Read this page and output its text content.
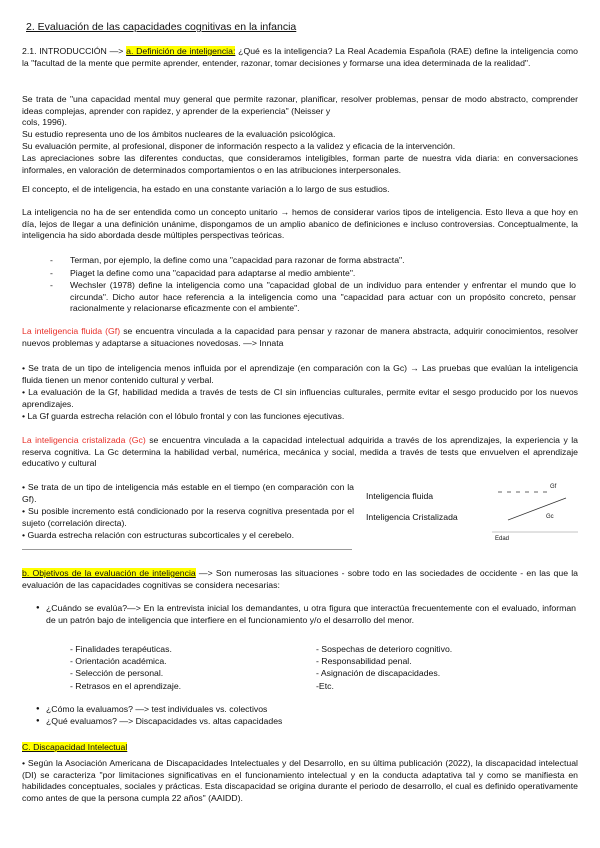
2. Evaluación de las capacidades cognitivas en la infancia

2.1. INTRODUCCIÓN —> a. Definición de inteligencia: ¿Qué es la inteligencia? La Real Academia Española (RAE) define la inteligencia como la "facultad de la mente que permite aprender, entender, razonar, tomar decisiones y formarse una idea determinada de la realidad".

Se trata de "una capacidad mental muy general que permite razonar, planificar, resolver problemas, pensar de modo abstracto, comprender ideas complejas, aprender con rapidez, y aprender de la experiencia" (Neisser y

cols, 1996).

Su estudio representa uno de los ámbitos nucleares de la evaluación psicológica.

Su evaluación permite, al profesional, disponer de información respecto a la validez y eficacia de la intervención.

Las apreciaciones sobre las diferentes conductas, que consideramos inteligibles, forman parte de nuestra vida diaria: en conversaciones informales, en valoración de determinados comportamientos o en las atribuciones interpersonales.

El concepto, el de inteligencia, ha estado en una constante variación a lo largo de sus estudios.

La inteligencia no ha de ser entendida como un concepto unitario → hemos de considerar varios tipos de inteligencia. Esto lleva a que hoy en día, lejos de llegar a una definición unánime, dispongamos de un amplio abanico de definiciones e incluso controversias. Conceptualmente, la inteligencia ha sido abordada desde múltiples perspectivas teóricas.

- Terman, por ejemplo, la define como una "capacidad para razonar de forma abstracta".
- Piaget la define como una "capacidad para adaptarse al medio ambiente".
- Wechsler (1978) define la inteligencia como una "capacidad global de un individuo para entender y enfrentar el mundo que lo circunda". Dicho autor hace referencia a la inteligencia como una "capacidad para actuar con un propósito concreto, pensar racionalmente y relacionarse eficazmente con el ambiente".

La inteligencia fluida (Gf) se encuentra vinculada a la capacidad para pensar y razonar de manera abstracta, adquirir conocimientos, resolver nuevos problemas y adaptarse a situaciones novedosas. —> Innata

• Se trata de un tipo de inteligencia menos influida por el aprendizaje (en comparación con la Gc) → Las pruebas que evalúan la inteligencia fluida tienen un menor contenido cultural y verbal.

• La evaluación de la Gf, habilidad medida a través de tests de CI sin influencias culturales, permite evitar el sesgo producido por los nuevos aprendizajes.

• La Gf guarda estrecha relación con el lóbulo frontal y con las funciones ejecutivas.

La inteligencia cristalizada (Gc) se encuentra vinculada a la capacidad intelectual adquirida a través de los aprendizajes, la experiencia y la reserva cognitiva. La Gc determina la habilidad verbal, numérica, mecánica y social, medida a través de tests que envuelven el aprendizaje educativo y cultural

• Se trata de un tipo de inteligencia más estable en el tiempo (en comparación con la Gf).

• Su posible incremento está condicionado por la reserva cognitiva presentada por el sujeto (correlación directa).

• Guarda estrecha relación con estructuras subcorticales y el cerebelo.

Inteligencia fluida
Inteligencia Cristalizada
Gf
Gc
Edad

b. Objetivos de la evaluación de inteligencia —> Son numerosas las situaciones - sobre todo en las sociedades de occidente - en las que la evaluación de las capacidades cognitivas se considera necesarias:

● ¿Cuándo se evalúa?—> En la entrevista inicial los demandantes, u otra figura que interactúa frecuentemente con el evaluado, informan de un patrón bajo de inteligencia que interfiere en el funcionamiento y/o el desarrollo del menor.
- Finalidades terapéuticas.
- Orientación académica.
- Selección de personal.
- Retrasos en el aprendizaje.
- Sospechas de deterioro cognitivo.
- Responsabilidad penal.
- Asignación de discapacidades.
-Etc.
● ¿Cómo la evaluamos? —> test individuales vs. colectivos
● ¿Qué evaluamos? —> Discapacidades vs. altas capacidades

C. Discapacidad Intelectual

• Según la Asociación Americana de Discapacidades Intelectuales y del Desarrollo, en su última publicación (2022), la discapacidad intelectual (DI) se caracteriza "por limitaciones significativas en el funcionamiento intelectual y en la conducta adaptativa tal y como se manifiesta en habilidades conceptuales, sociales y prácticas. Esta discapacidad se origina durante el periodo de desarrollo, el cual es definido operativamente como antes de que la persona cumpla 22 años" (AAIDD).
